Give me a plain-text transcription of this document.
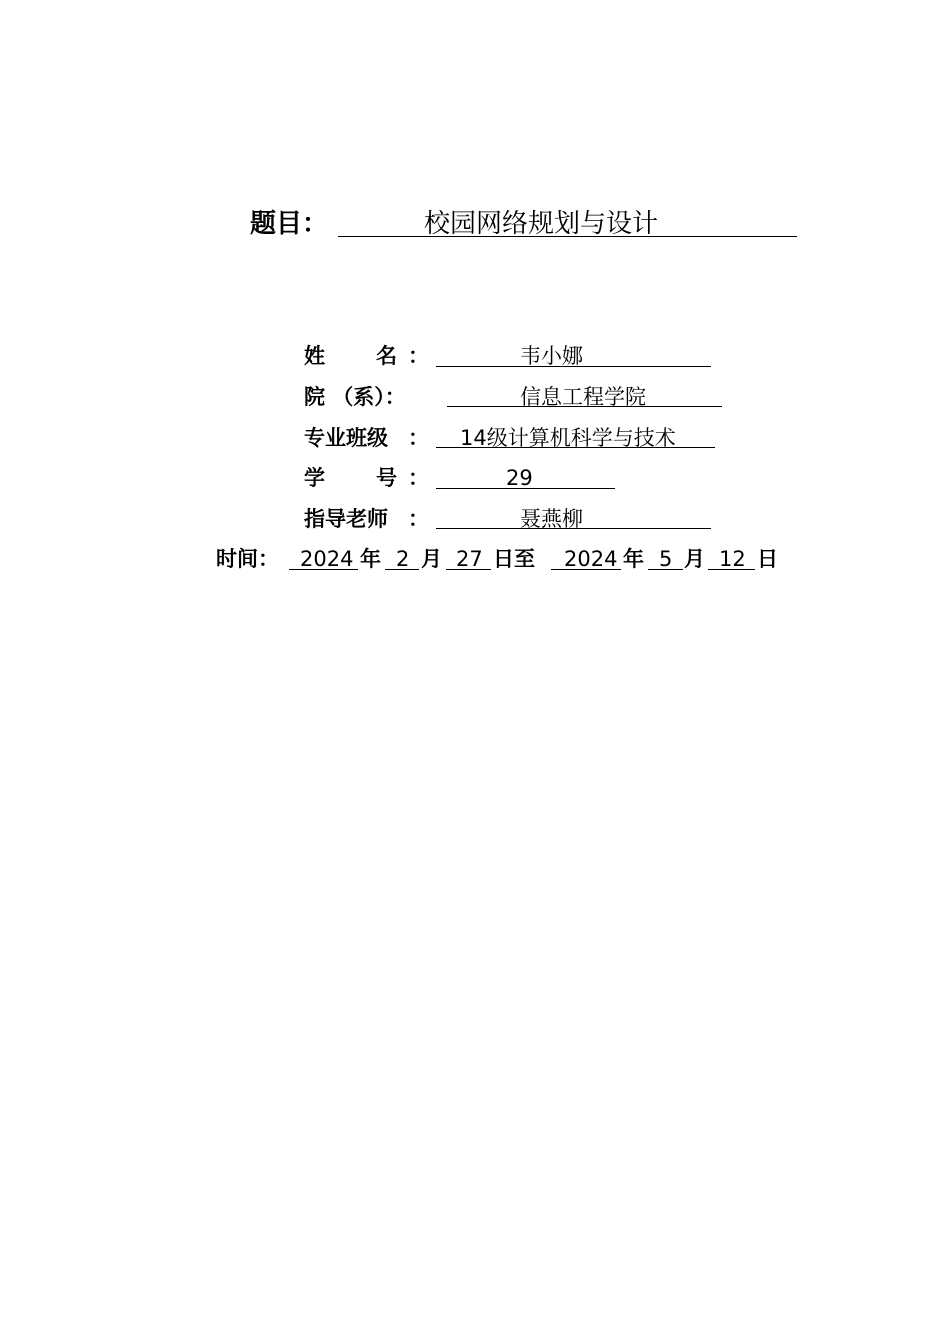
题目：	校园网络规划与设计
姓 名 ：	韦小娜
院 （系）：	信息工程学院
专业班级 ： 14级计算机科学与技术
学 号 ：	29
指导老师 ：	聂燕柳
时间： 2024 年 2 月 27 日至 2024 年 5 月 12 日
